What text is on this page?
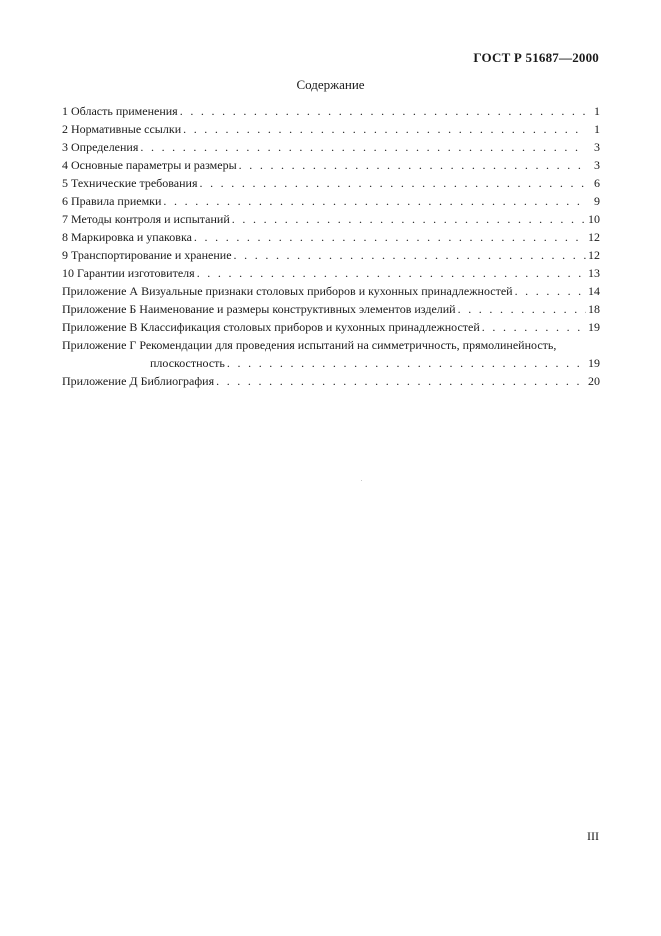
ГОСТ Р 51687—2000
Содержание
1 Область применения . . .	1
2 Нормативные ссылки . . .	1
3 Определения . . .	3
4 Основные параметры и размеры . . .	3
5 Технические требования . . .	6
6 Правила приемки . . .	9
7 Методы контроля и испытаний . . .	10
8 Маркировка и упаковка . . .	12
9 Транспортирование и хранение . . .	12
10 Гарантии изготовителя . . .	13
Приложение А Визуальные признаки столовых приборов и кухонных принадлежностей . . .	14
Приложение Б Наименование и размеры конструктивных элементов изделий . . .	18
Приложение В Классификация столовых приборов и кухонных принадлежностей . . .	19
Приложение Г Рекомендации для проведения испытаний на симметричность, прямолинейность,
плоскостность . . .	19
Приложение Д Библиография . . .	20
III
